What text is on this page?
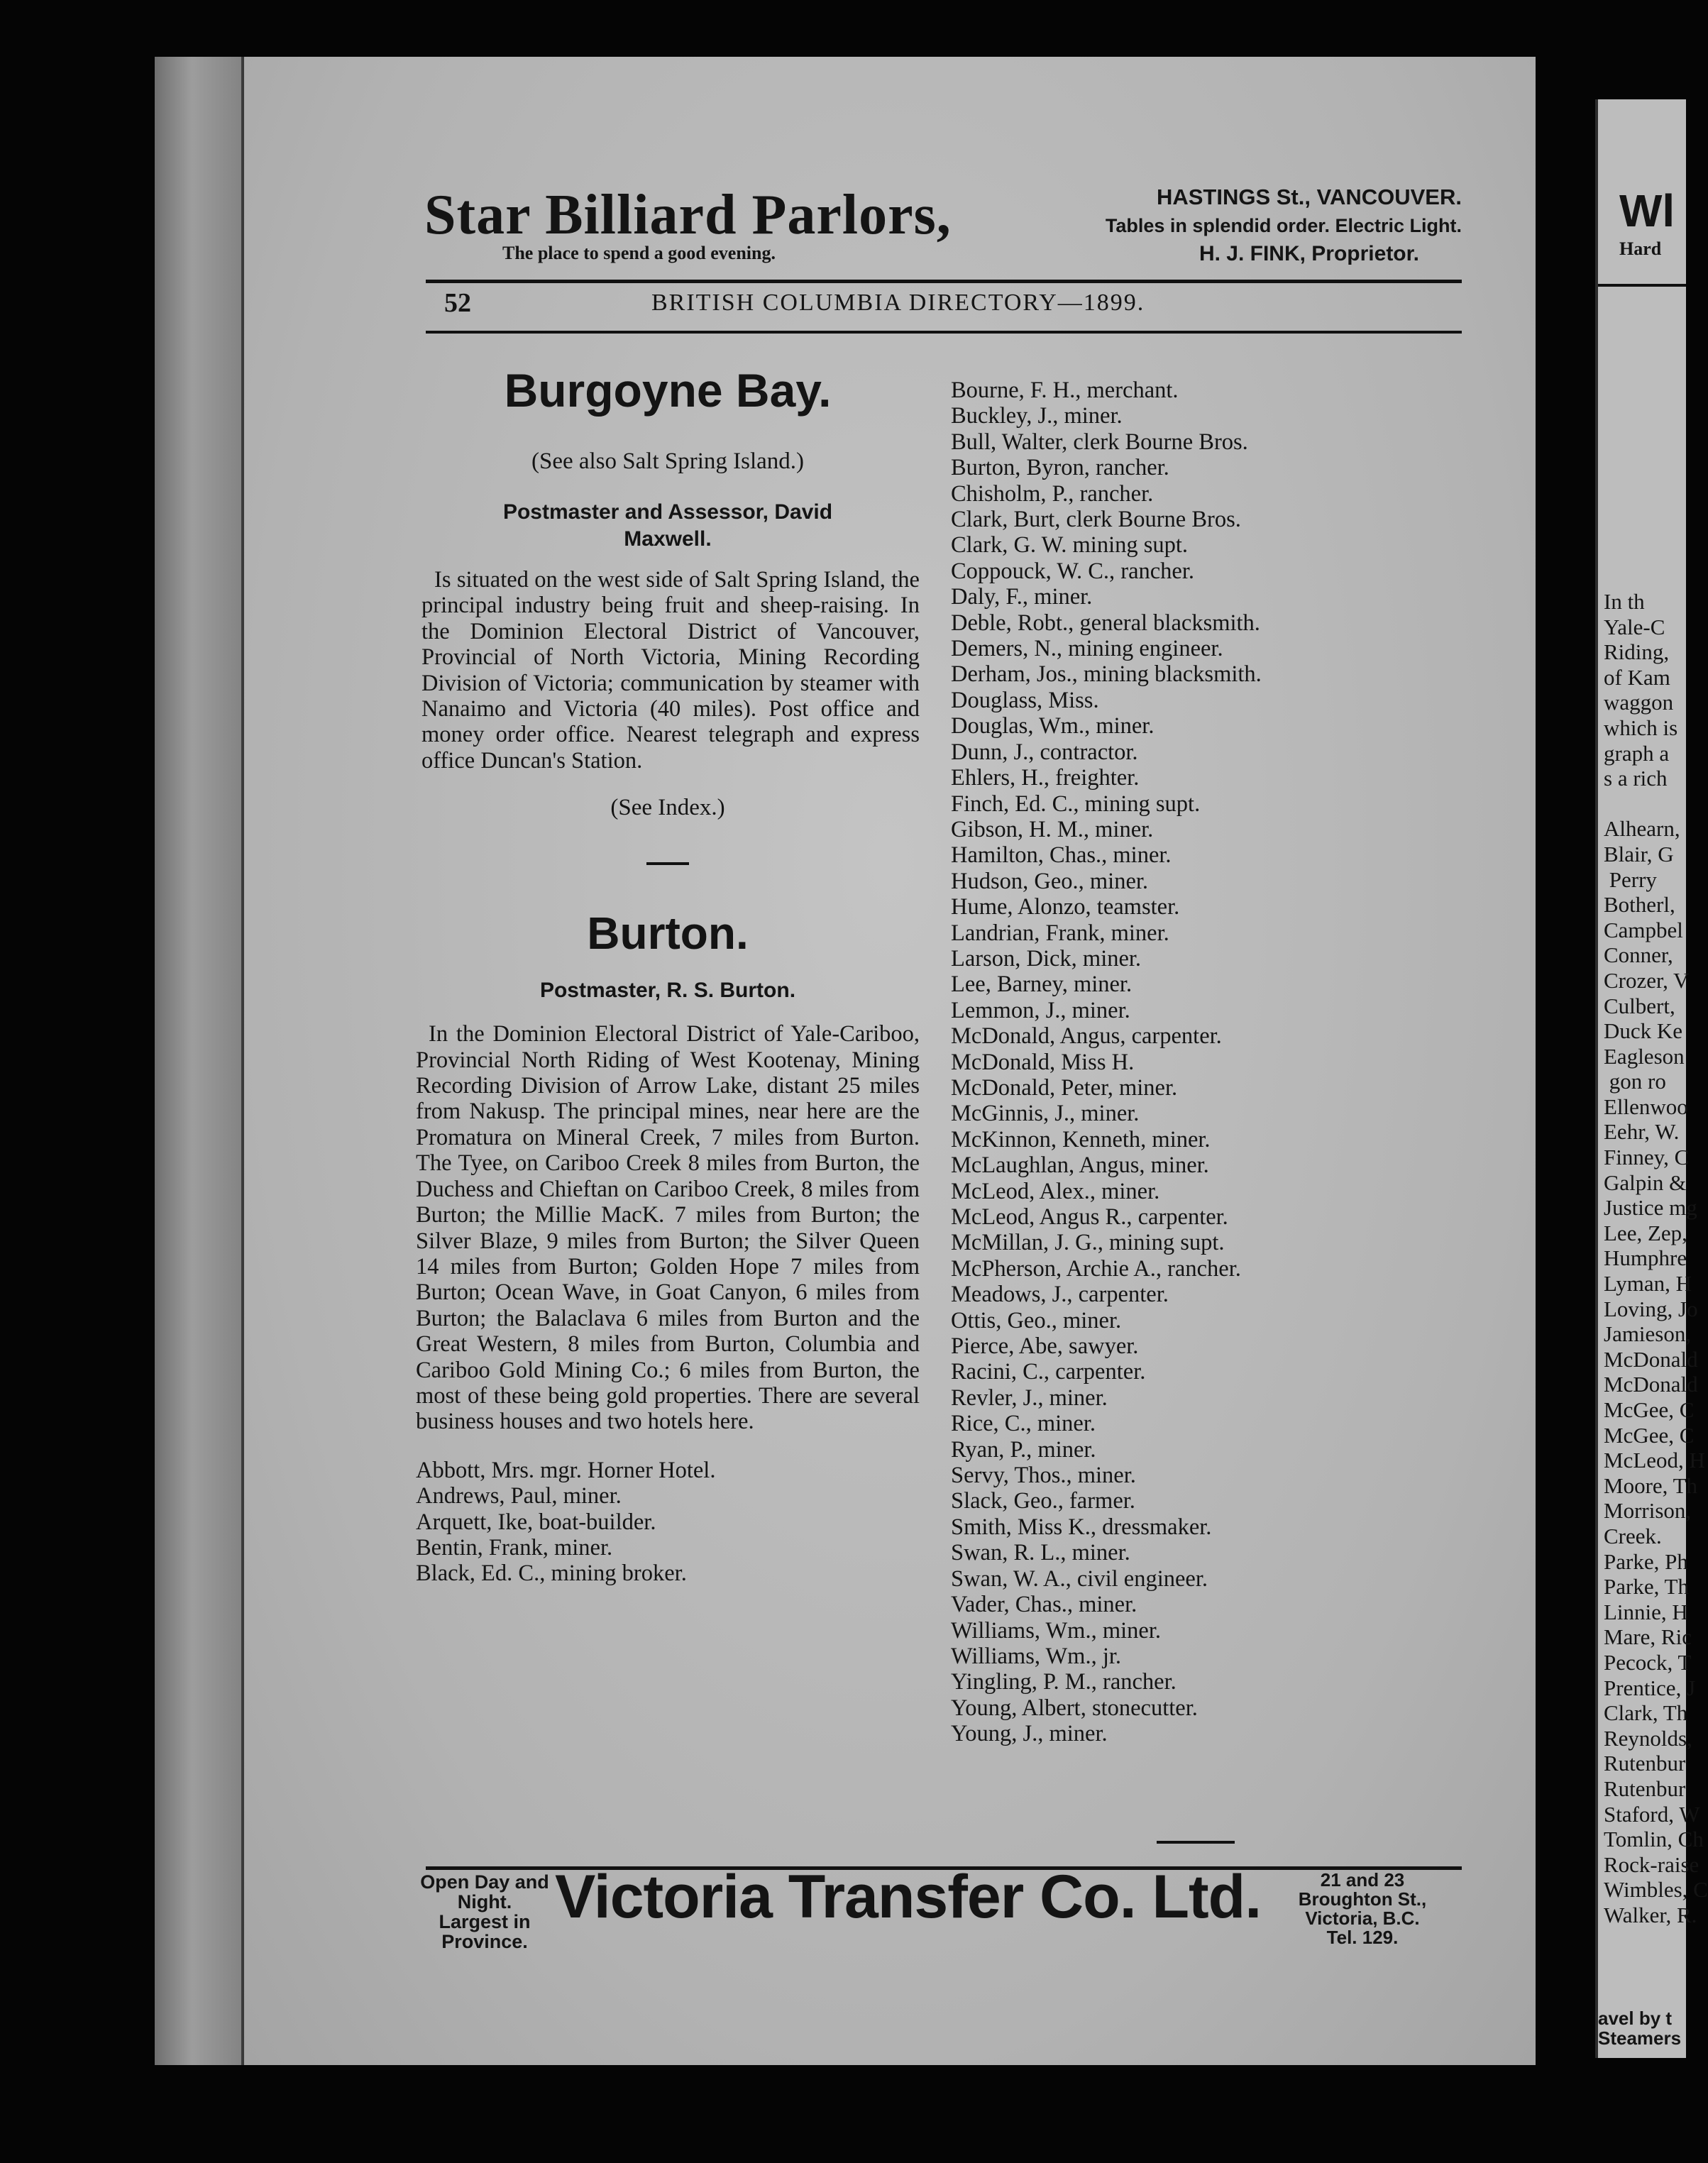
Wl
Hard
In th
Yale-C
Riding,
of Kam
waggon
which is
graph a
s a rich

Alhearn,
Blair, G
Perry
Botherl,
Campbel
Conner,
Crozer, V
Culbert,
Duck Ke
Eagleson
gon ro
Ellenwoo
Eehr, W.
Finney, C
Galpin &
Justice mg
Lee, Zep,
Humphre
Lyman, H
Loving, Jo
Jamieson,
McDonald
McDonald
McGee, C
McGee, C
McLeod, H
Moore, Th
Morrison,
Creek.
Parke, Ph
Parke, Th
Linnie, H
Mare, Ric
Pecock, T
Prentice, J
Clark, Th
Reynolds,
Rutenbur
Rutenbur
Staford, W
Tomlin, Ch
Rock-raise
Wimbles, C
Walker, R.
avel by t
Steamers
Star Billiard Parlors,
The place to spend a good evening.
HASTINGS St., VANCOUVER.
Tables in splendid order. Electric Light.
H. J. FINK, Proprietor.
52	BRITISH COLUMBIA DIRECTORY—1899.
Burgoyne Bay.
(See also Salt Spring Island.)
Postmaster and Assessor, David
Maxwell.
Is situated on the west side of Salt Spring Island, the principal industry being fruit and sheep-raising. In the Dominion Electoral District of Vancouver, Provincial of North Victoria, Mining Recording Division of Victoria; communication by steamer with Nanaimo and Victoria (40 miles). Post office and money order office. Nearest telegraph and express office Duncan's Station.
(See Index.)
Burton.
Postmaster, R. S. Burton.
In the Dominion Electoral District of Yale-Cariboo, Provincial North Riding of West Kootenay, Mining Recording Division of Arrow Lake, distant 25 miles from Nakusp. The principal mines, near here are the Promatura on Mineral Creek, 7 miles from Burton. The Tyee, on Cariboo Creek 8 miles from Burton, the Duchess and Chieftan on Cariboo Creek, 8 miles from Burton; the Millie MacK. 7 miles from Burton; the Silver Blaze, 9 miles from Burton; the Silver Queen 14 miles from Burton; Golden Hope 7 miles from Burton; Ocean Wave, in Goat Canyon, 6 miles from Burton; the Balaclava 6 miles from Burton and the Great Western, 8 miles from Burton, Columbia and Cariboo Gold Mining Co.; 6 miles from Burton, the most of these being gold properties. There are several business houses and two hotels here.
Abbott, Mrs. mgr. Horner Hotel.
Andrews, Paul, miner.
Arquett, Ike, boat-builder.
Bentin, Frank, miner.
Black, Ed. C., mining broker.
Bourne, F. H., merchant.
Buckley, J., miner.
Bull, Walter, clerk Bourne Bros.
Burton, Byron, rancher.
Chisholm, P., rancher.
Clark, Burt, clerk Bourne Bros.
Clark, G. W. mining supt.
Coppouck, W. C., rancher.
Daly, F., miner.
Deble, Robt., general blacksmith.
Demers, N., mining engineer.
Derham, Jos., mining blacksmith.
Douglass, Miss.
Douglas, Wm., miner.
Dunn, J., contractor.
Ehlers, H., freighter.
Finch, Ed. C., mining supt.
Gibson, H. M., miner.
Hamilton, Chas., miner.
Hudson, Geo., miner.
Hume, Alonzo, teamster.
Landrian, Frank, miner.
Larson, Dick, miner.
Lee, Barney, miner.
Lemmon, J., miner.
McDonald, Angus, carpenter.
McDonald, Miss H.
McDonald, Peter, miner.
McGinnis, J., miner.
McKinnon, Kenneth, miner.
McLaughlan, Angus, miner.
McLeod, Alex., miner.
McLeod, Angus R., carpenter.
McMillan, J. G., mining supt.
McPherson, Archie A., rancher.
Meadows, J., carpenter.
Ottis, Geo., miner.
Pierce, Abe, sawyer.
Racini, C., carpenter.
Revler, J., miner.
Rice, C., miner.
Ryan, P., miner.
Servy, Thos., miner.
Slack, Geo., farmer.
Smith, Miss K., dressmaker.
Swan, R. L., miner.
Swan, W. A., civil engineer.
Vader, Chas., miner.
Williams, Wm., miner.
Williams, Wm., jr.
Yingling, P. M., rancher.
Young, Albert, stonecutter.
Young, J., miner.
Open Day and
Night.
Largest in
Province.
Victoria Transfer Co. Ltd.	21 and 23
Broughton St.,
Victoria, B.C.
Tel. 129.
